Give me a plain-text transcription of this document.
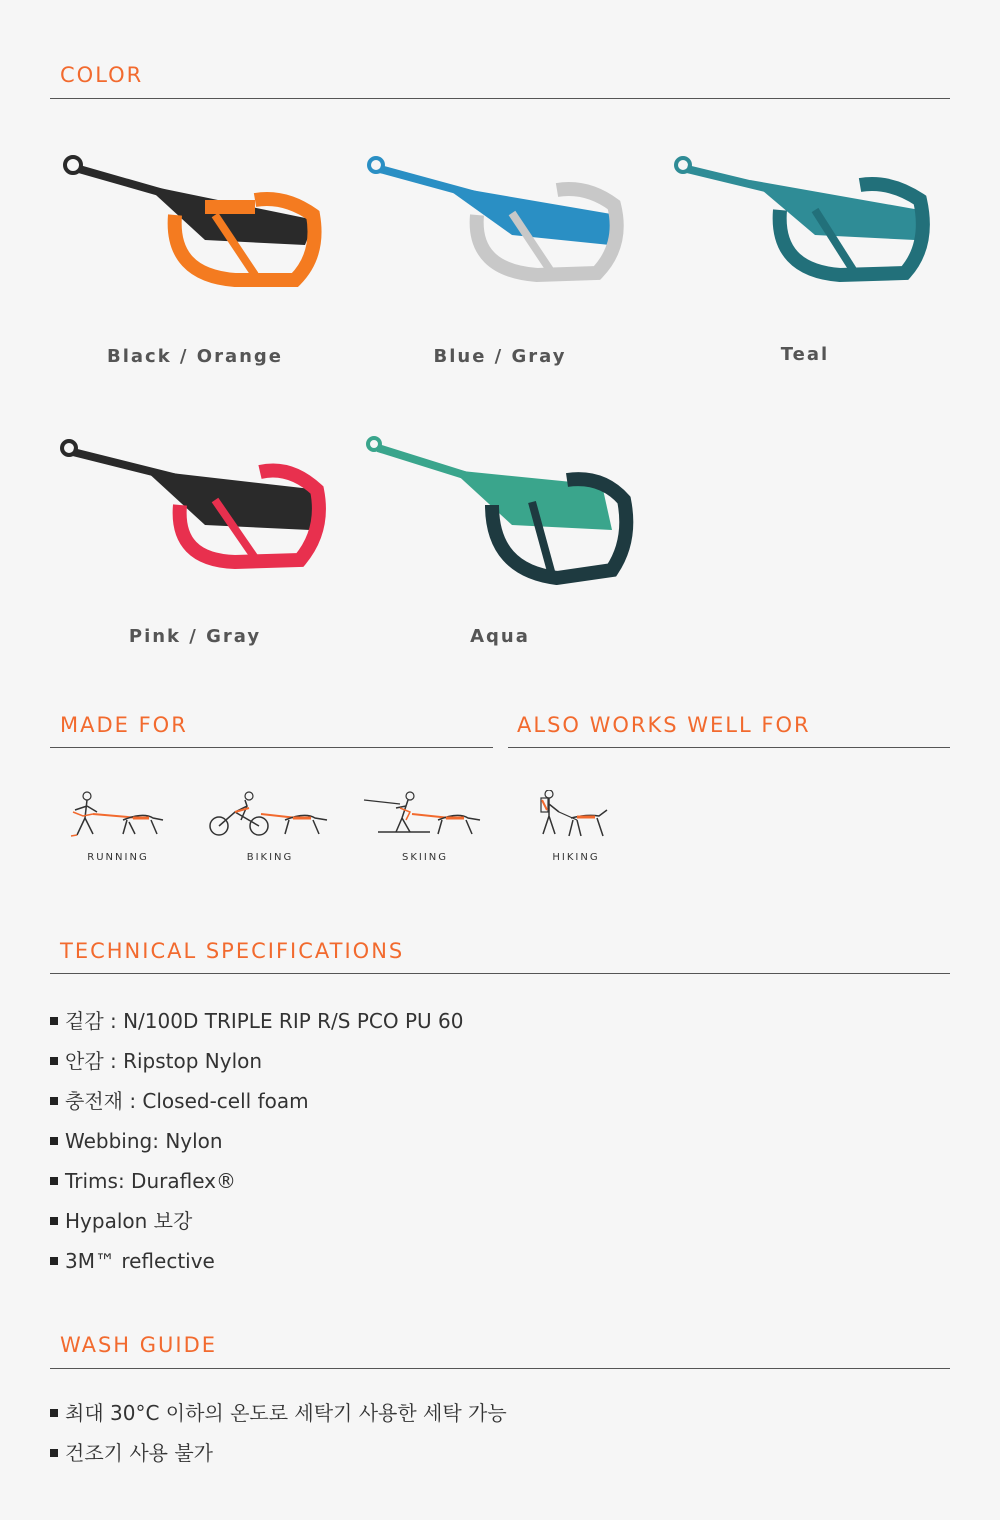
COLOR
Black / Orange	Blue / Gray	Teal
Pink / Gray	Aqua
MADE FOR	ALSO WORKS WELL FOR
RUNNING	BIKING	SKIING	HIKING
TECHNICAL SPECIFICATIONS
겉감 : N/100D TRIPLE RIP R/S PCO PU 60
안감 : Ripstop Nylon
충전재 : Closed-cell foam
Webbing: Nylon
Trims: Duraflex®
Hypalon 보강
3M™ reflective
WASH GUIDE
최대 30°C 이하의 온도로 세탁기 사용한 세탁 가능
건조기 사용 불가
